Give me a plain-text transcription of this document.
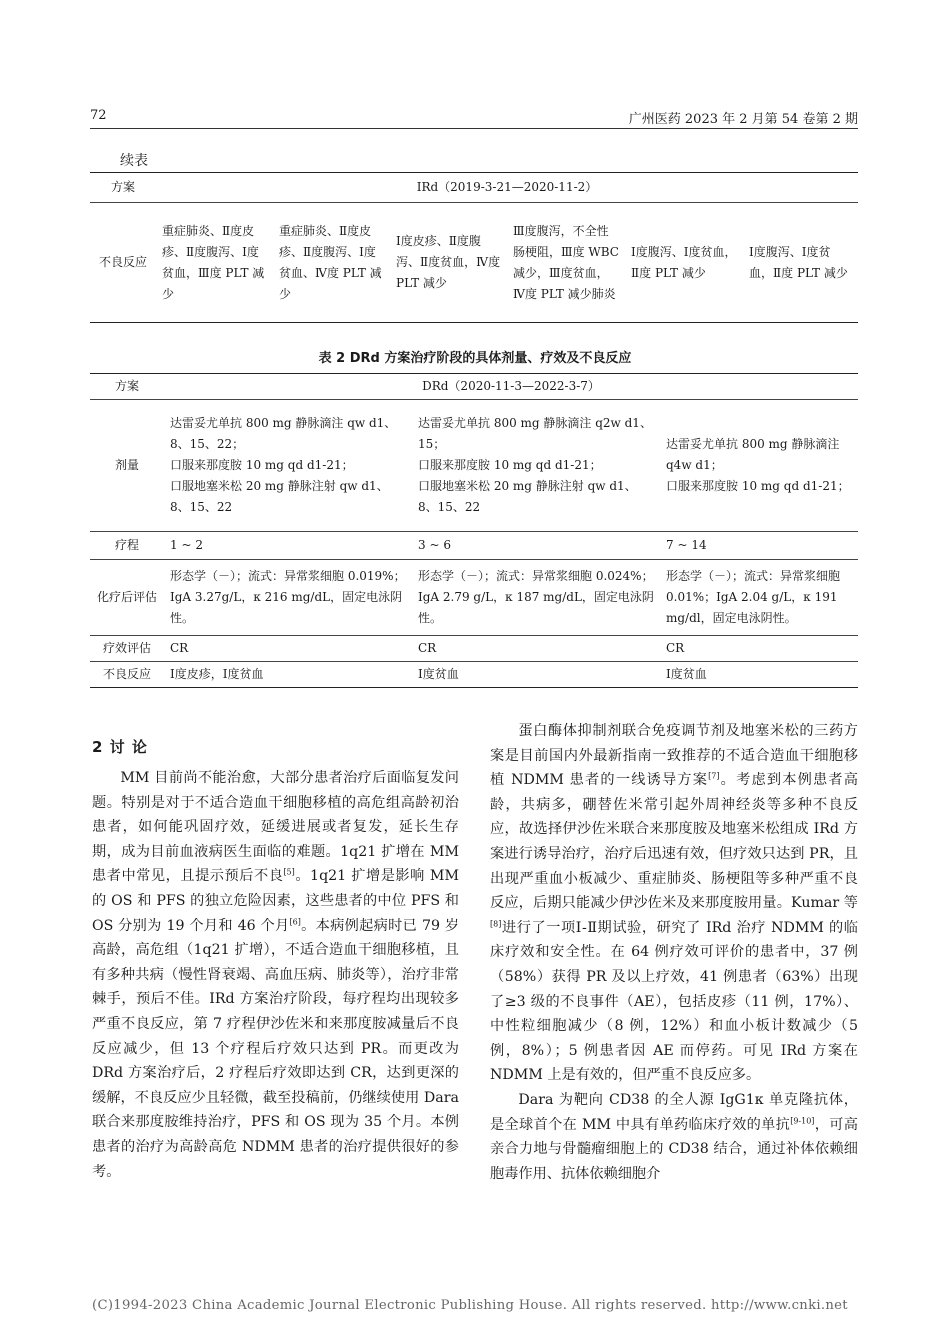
72	广州医药 2023 年 2 月第 54 卷第 2 期
续表
方案	IRd（2019-3-21—2020-11-2）					
不良反应	重症肺炎、Ⅱ度皮疹、Ⅱ度腹泻、Ⅰ度贫血，Ⅲ度 PLT 减少	重症肺炎、Ⅱ度皮疹、Ⅱ度腹泻、Ⅰ度贫血、Ⅳ度 PLT 减少	Ⅰ度皮疹、Ⅱ度腹泻、Ⅱ度贫血，Ⅳ度 PLT 减少	Ⅲ度腹泻，不全性肠梗阻，Ⅲ度 WBC 减少，Ⅲ度贫血，Ⅳ度 PLT 减少肺炎	Ⅰ度腹泻、Ⅰ度贫血，Ⅱ度 PLT 减少	Ⅰ度腹泻、Ⅰ度贫血，Ⅱ度 PLT 减少
表 2 DRd 方案治疗阶段的具体剂量、疗效及不良反应
方案	DRd（2020-11-3—2022-3-7）		
剂量	达雷妥尤单抗 800 mg 静脉滴注 qw d1、8、15、22；
口服来那度胺 10 mg qd d1-21；
口服地塞米松 20 mg 静脉注射 qw d1、8、15、22	达雷妥尤单抗 800 mg 静脉滴注 q2w d1、15；
口服来那度胺 10 mg qd d1-21；
口服地塞米松 20 mg 静脉注射 qw d1、8、15、22	达雷妥尤单抗 800 mg 静脉滴注 q4w d1；
口服来那度胺 10 mg qd d1-21；
疗程	1 ~ 2	3 ~ 6	7 ~ 14
化疗后评估	形态学（－）；流式：异常浆细胞 0.019%；IgA 3.27g/L，κ 216 mg/dL，固定电泳阴性。	形态学（－）；流式：异常浆细胞 0.024%；IgA 2.79 g/L，κ 187 mg/dL，固定电泳阴性。	形态学（－）；流式：异常浆细胞 0.01%；IgA 2.04 g/L，κ 191 mg/dl，固定电泳阴性。
疗效评估	CR	CR	CR
不良反应	Ⅰ度皮疹，Ⅰ度贫血	Ⅰ度贫血	Ⅰ度贫血
2 讨 论

MM 目前尚不能治愈，大部分患者治疗后面临复发问题。特别是对于不适合造血干细胞移植的高危组高龄初治患者，如何能巩固疗效，延缓进展或者复发，延长生存期，成为目前血液病医生面临的难题。1q21 扩增在 MM 患者中常见，且提示预后不良[5]。1q21 扩增是影响 MM 的 OS 和 PFS 的独立危险因素，这些患者的中位 PFS 和 OS 分别为 19 个月和 46 个月[6]。本病例起病时已 79 岁高龄，高危组（1q21 扩增），不适合造血干细胞移植，且有多种共病（慢性肾衰竭、高血压病、肺炎等），治疗非常棘手，预后不佳。IRd 方案治疗阶段，每疗程均出现较多严重不良反应，第 7 疗程伊沙佐米和来那度胺减量后不良反应减少，但 13 个疗程后疗效只达到 PR。而更改为 DRd 方案治疗后，2 疗程后疗效即达到 CR，达到更深的缓解，不良反应少且轻微，截至投稿前，仍继续使用 Dara 联合来那度胺维持治疗，PFS 和 OS 现为 35 个月。本例患者的治疗为高龄高危 NDMM 患者的治疗提供很好的参考。

蛋白酶体抑制剂联合免疫调节剂及地塞米松的三药方案是目前国内外最新指南一致推荐的不适合造血干细胞移植 NDMM 患者的一线诱导方案[7]。考虑到本例患者高龄，共病多，硼替佐米常引起外周神经炎等多种不良反应，故选择伊沙佐米联合来那度胺及地塞米松组成 IRd 方案进行诱导治疗，治疗后迅速有效，但疗效只达到 PR，且出现严重血小板减少、重症肺炎、肠梗阻等多种严重不良反应，后期只能减少伊沙佐米及来那度胺用量。Kumar 等[8]进行了一项Ⅰ-Ⅱ期试验，研究了 IRd 治疗 NDMM 的临床疗效和安全性。在 64 例疗效可评价的患者中，37 例（58%）获得 PR 及以上疗效，41 例患者（63%）出现了≥3 级的不良事件（AE），包括皮疹（11 例，17%）、中性粒细胞减少（8 例，12%）和血小板计数减少（5 例，8%）；5 例患者因 AE 而停药。可见 IRd 方案在 NDMM 上是有效的，但严重不良反应多。

Dara 为靶向 CD38 的全人源 IgG1κ 单克隆抗体，是全球首个在 MM 中具有单药临床疗效的单抗[9-10]，可高亲合力地与骨髓瘤细胞上的 CD38 结合，通过补体依赖细胞毒作用、抗体依赖细胞介

(C)1994-2023 China Academic Journal Electronic Publishing House. All rights reserved. http://www.cnki.net
